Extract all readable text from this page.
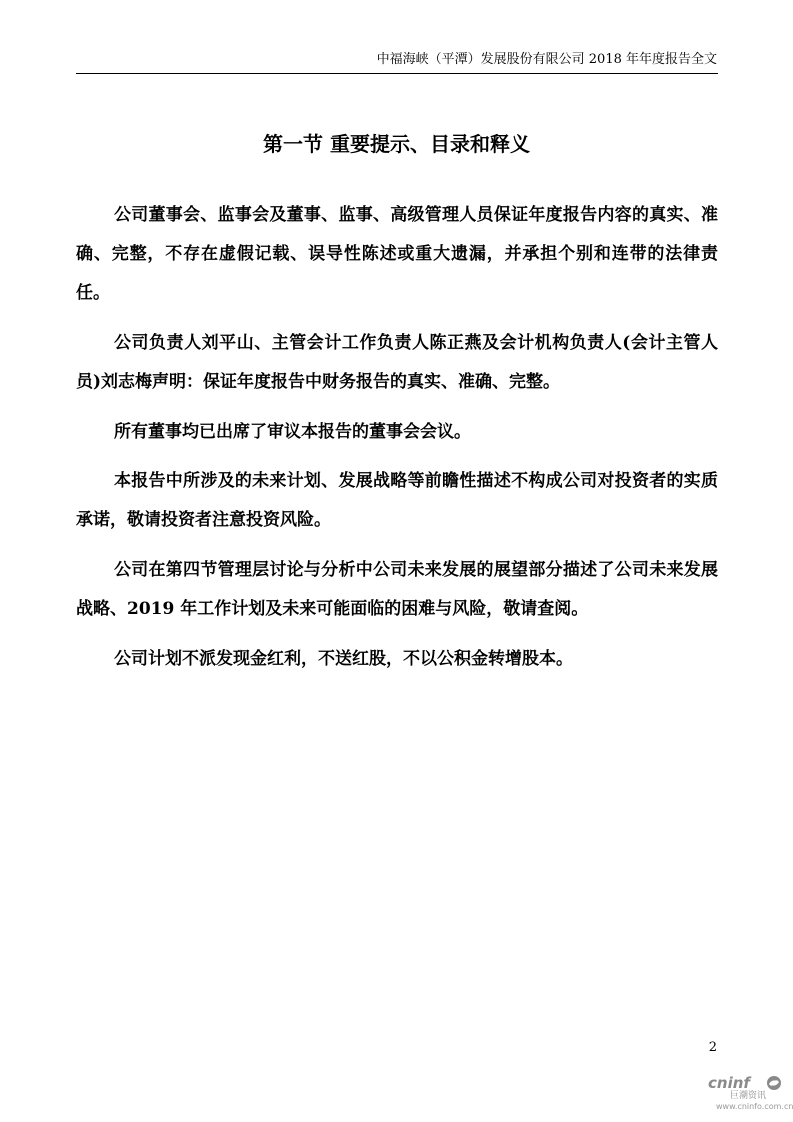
中福海峡（平潭）发展股份有限公司 2018 年年度报告全文
第一节 重要提示、目录和释义

公司董事会、监事会及董事、监事、高级管理人员保证年度报告内容的真实、准确、完整，不存在虚假记载、误导性陈述或重大遗漏，并承担个别和连带的法律责任。

公司负责人刘平山、主管会计工作负责人陈正燕及会计机构负责人(会计主管人员)刘志梅声明：保证年度报告中财务报告的真实、准确、完整。

所有董事均已出席了审议本报告的董事会会议。

本报告中所涉及的未来计划、发展战略等前瞻性描述不构成公司对投资者的实质承诺，敬请投资者注意投资风险。

公司在第四节管理层讨论与分析中公司未来发展的展望部分描述了公司未来发展战略、2019 年工作计划及未来可能面临的困难与风险，敬请查阅。

公司计划不派发现金红利，不送红股，不以公积金转增股本。

2
cninf
巨潮资讯
www.cninfo.com.cn
